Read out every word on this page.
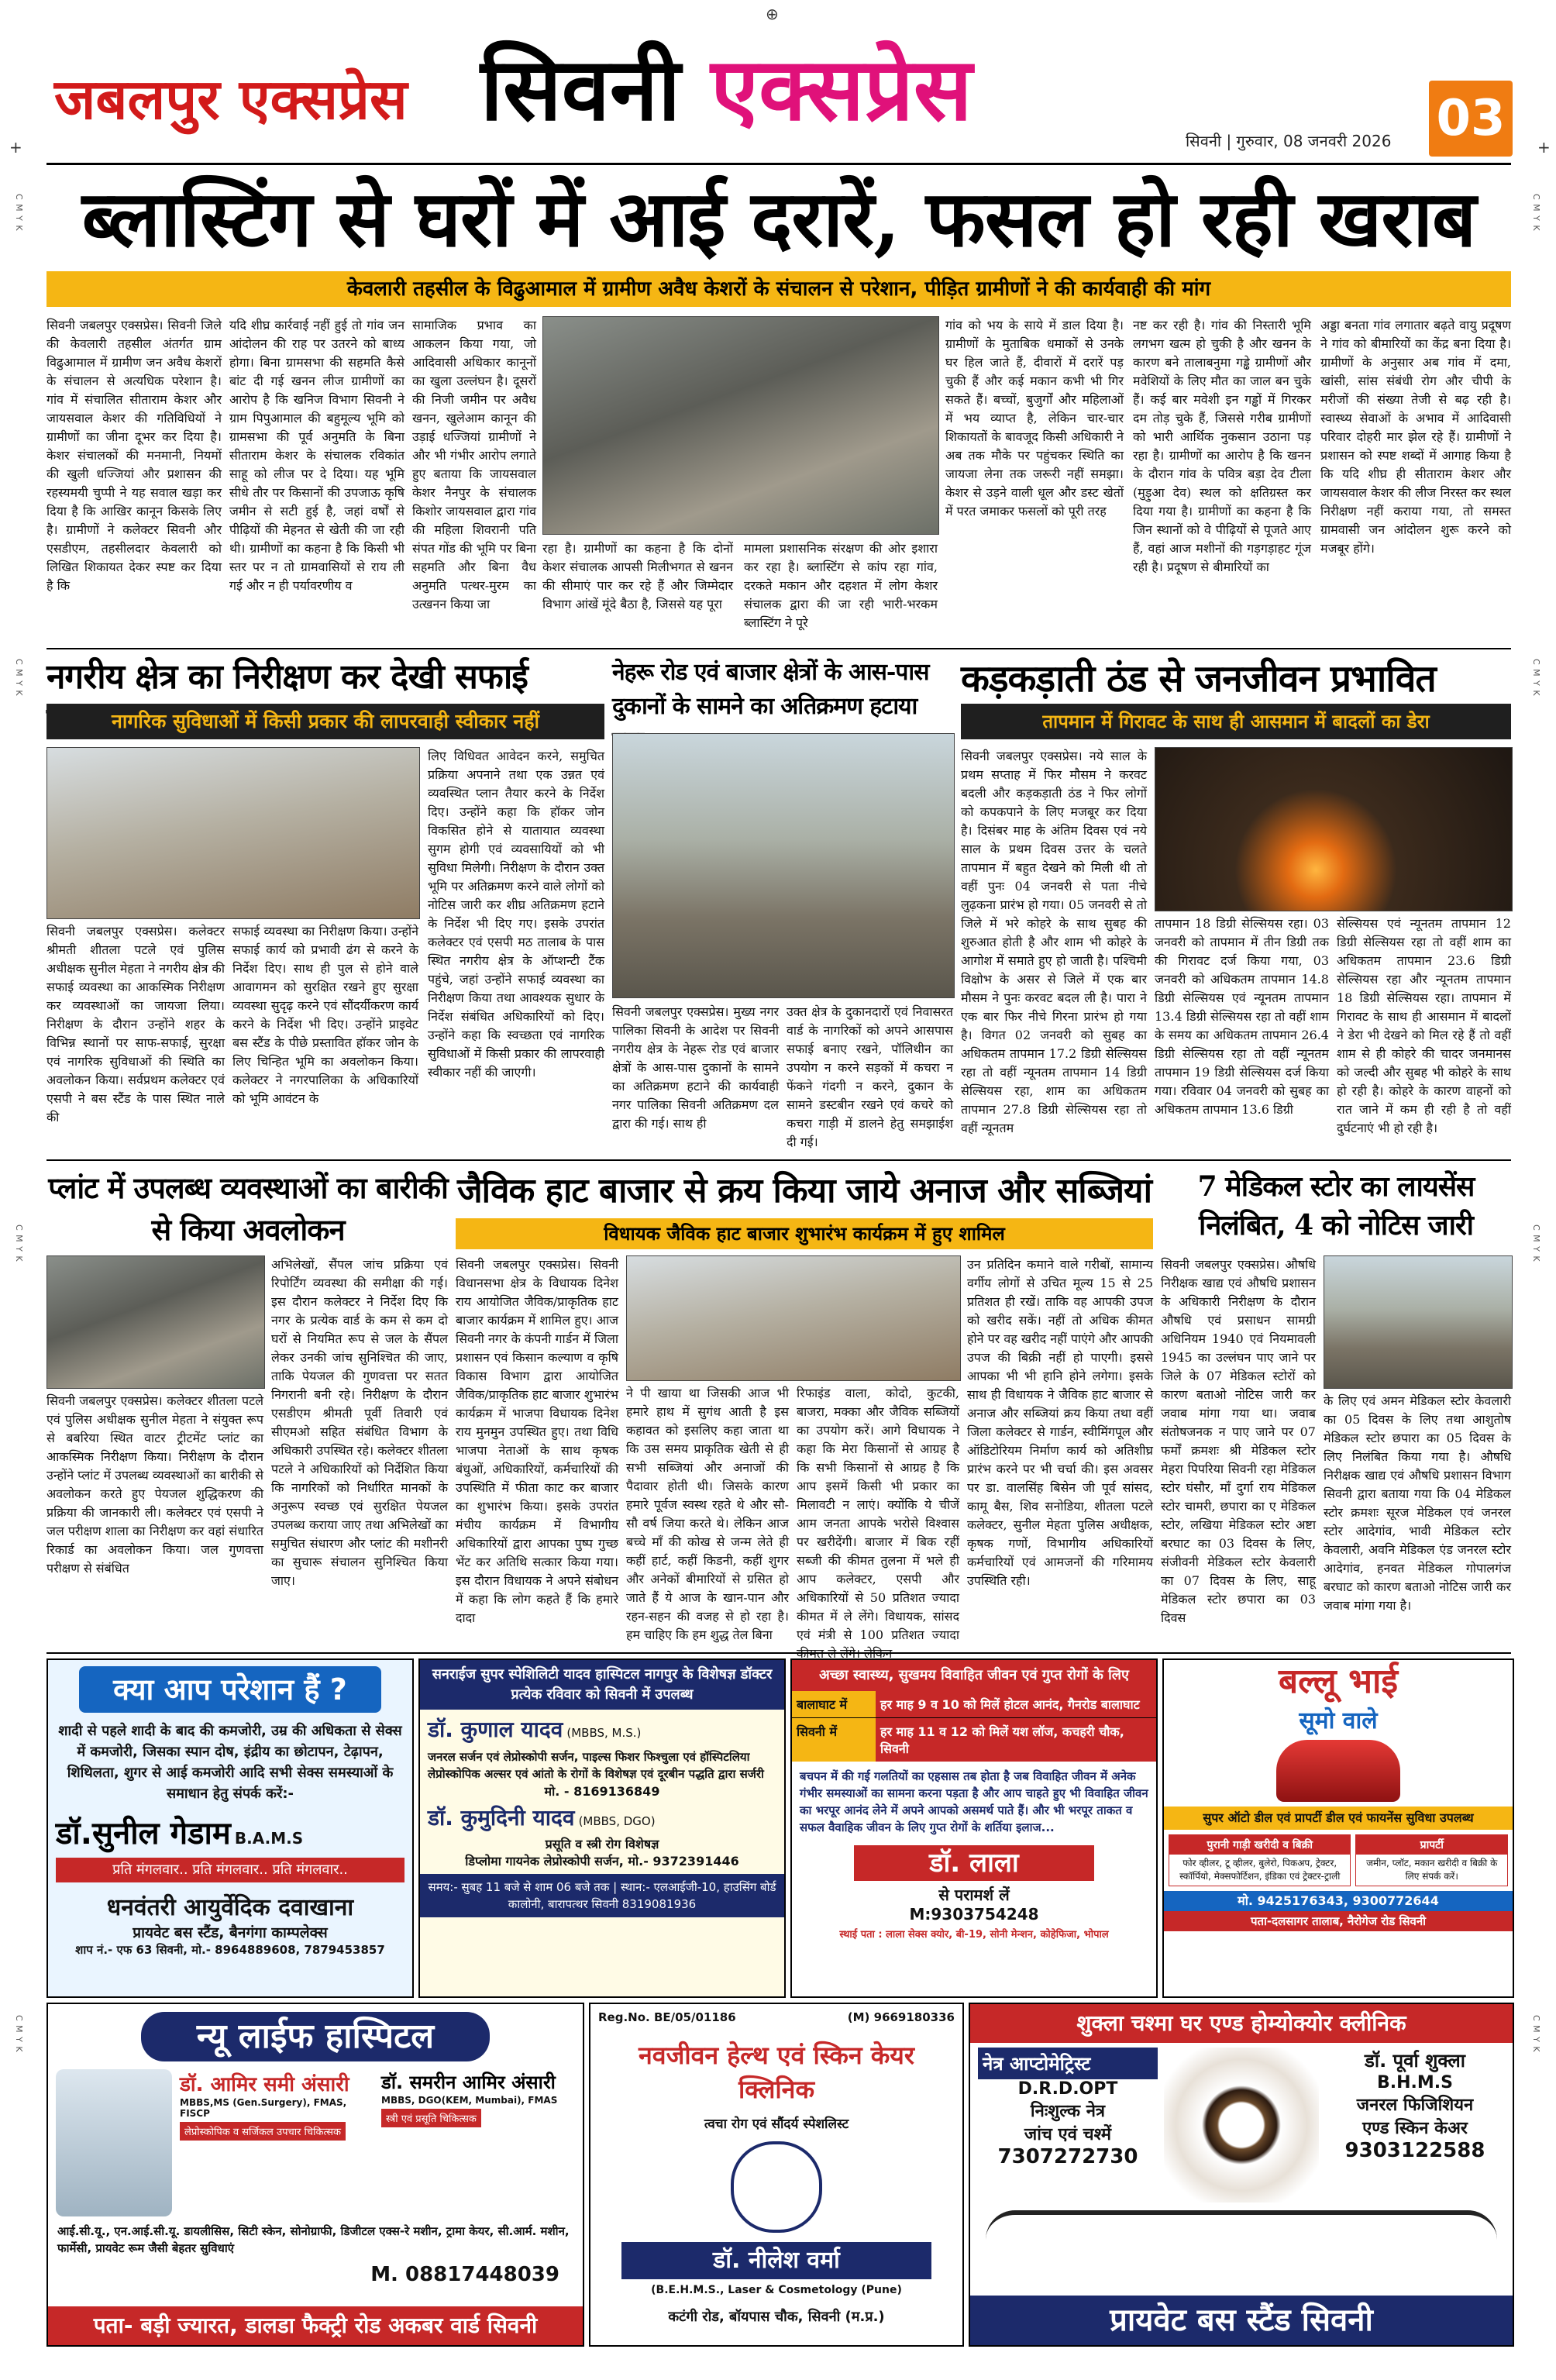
⊕
+	+
C M Y K	C M Y K
C M Y K	C M Y K
C M Y K	C M Y K
C M Y K	C M Y K
जबलपुर एक्सप्रेस सिवनी एक्सप्रेस
सिवनी | गुरुवार, 08 जनवरी 2026 03
ब्लास्टिंग से घरों में आई दरारें, फसल हो रही खराब
केवलारी तहसील के विढुआमाल में ग्रामीण अवैध केशरों के संचालन से परेशान, पीड़ित ग्रामीणों ने की कार्यवाही की मांग
सिवनी जबलपुर एक्सप्रेस। सिवनी जिले की केवलारी तहसील अंतर्गत ग्राम विढुआमाल में ग्रामीण जन अवैध केशरों के संचालन से अत्यधिक परेशान है। गांव में संचालित सीताराम केशर और जायसवाल केशर की गतिविधियों ने ग्रामीणों का जीना दूभर कर दिया है। केशर संचालकों की मनमानी, नियमों की खुली धज्जियां और प्रशासन की रहस्यमयी चुप्पी ने यह सवाल खड़ा कर दिया है कि आखिर कानून किसके लिए है। ग्रामीणों ने कलेक्टर सिवनी और एसडीएम, तहसीलदार केवलारी को लिखित शिकायत देकर स्पष्ट कर दिया है कि
यदि शीघ्र कार्रवाई नहीं हुई तो गांव जन आंदोलन की राह पर उतरने को बाध्य होगा। बिना ग्रामसभा की सहमति कैसे बांट दी गई खनन लीज ग्रामीणों का आरोप है कि खनिज विभाग सिवनी ने ग्राम पिपुआमाल की बहुमूल्य भूमि को ग्रामसभा की पूर्व अनुमति के बिना सीताराम केशर के संचालक रविकांत साहू को लीज पर दे दिया। यह भूमि सीधे तौर पर किसानों की उपजाऊ कृषि जमीन से सटी हुई है, जहां वर्षों से पीढ़ियों की मेहनत से खेती की जा रही थी। ग्रामीणों का कहना है कि किसी भी स्तर पर न तो ग्रामवासियों से राय ली गई और न ही पर्यावरणीय व
सामाजिक प्रभाव का आकलन किया गया, जो आदिवासी अधिकार कानूनों का खुला उल्लंघन है। दूसरों की निजी जमीन पर अवैध खनन, खुलेआम कानून की उड़ाई धज्जियां ग्रामीणों ने और भी गंभीर आरोप लगाते हुए बताया कि जायसवाल केशर नैनपुर के संचालक किशोर जायसवाल द्वारा गांव की महिला शिवरानी पति संपत गोंड की भूमि पर बिना सहमति और बिना वैध अनुमति पत्थर-मुरम का उत्खनन किया जा
रहा है। ग्रामीणों का कहना है कि दोनों केशर संचालक आपसी मिलीभगत से खनन की सीमाएं पार कर रहे हैं और जिम्मेदार विभाग आंखें मूंदे बैठा है, जिससे यह पूरा
मामला प्रशासनिक संरक्षण की ओर इशारा कर रहा है। ब्लास्टिंग से कांप रहा गांव, दरकते मकान और दहशत में लोग केशर संचालक द्वारा की जा रही भारी-भरकम ब्लास्टिंग ने पूरे
गांव को भय के साये में डाल दिया है। ग्रामीणों के मुताबिक धमाकों से उनके घर हिल जाते हैं, दीवारों में दरारें पड़ चुकी हैं और कई मकान कभी भी गिर सकते हैं। बच्चों, बुजुर्गों और महिलाओं में भय व्याप्त है, लेकिन चार-चार शिकायतों के बावजूद किसी अधिकारी ने अब तक मौके पर पहुंचकर स्थिति का जायजा लेना तक जरूरी नहीं समझा। केशर से उड़ने वाली धूल और डस्ट खेतों में परत जमाकर फसलों को पूरी तरह
नष्ट कर रही है। गांव की निस्तारी भूमि लगभग खत्म हो चुकी है और खनन के कारण बने तालाबनुमा गड्ढे ग्रामीणों और मवेशियों के लिए मौत का जाल बन चुके हैं। कई बार मवेशी इन गड्ढों में गिरकर दम तोड़ चुके हैं, जिससे गरीब ग्रामीणों को भारी आर्थिक नुकसान उठाना पड़ रहा है। ग्रामीणों का आरोप है कि खनन के दौरान गांव के पवित्र बड़ा देव टीला (मुड़ुआ देव) स्थल को क्षतिग्रस्त कर दिया गया है। ग्रामीणों का कहना है कि जिन स्थानों को वे पीढ़ियों से पूजते आए हैं, वहां आज मशीनों की गड़गड़ाहट गूंज रही है। प्रदूषण से बीमारियों का
अड्डा बनता गांव लगातार बढ़ते वायु प्रदूषण ने गांव को बीमारियों का केंद्र बना दिया है। ग्रामीणों के अनुसार अब गांव में दमा, खांसी, सांस संबंधी रोग और चीपी के मरीजों की संख्या तेजी से बढ़ रही है। स्वास्थ्य सेवाओं के अभाव में आदिवासी परिवार दोहरी मार झेल रहे हैं। ग्रामीणों ने प्रशासन को स्पष्ट शब्दों में आगाह किया है कि यदि शीघ्र ही सीताराम केशर और जायसवाल केशर की लीज निरस्त कर स्थल निरीक्षण नहीं कराया गया, तो समस्त ग्रामवासी जन आंदोलन शुरू करने को मजबूर होंगे।
नगरीय क्षेत्र का निरीक्षण कर देखी सफाई
नागरिक सुविधाओं में किसी प्रकार की लापरवाही स्वीकार नहीं
सिवनी जबलपुर एक्सप्रेस। कलेक्टर श्रीमती शीतला पटले एवं पुलिस अधीक्षक सुनील मेहता ने नगरीय क्षेत्र की सफाई व्यवस्था का आकस्मिक निरीक्षण कर व्यवस्थाओं का जायजा लिया। निरीक्षण के दौरान उन्होंने शहर के विभिन्न स्थानों पर साफ-सफाई, सुरक्षा एवं नागरिक सुविधाओं की स्थिति का अवलोकन किया। सर्वप्रथम कलेक्टर एवं एसपी ने बस स्टैंड के पास स्थित नाले की
सफाई व्यवस्था का निरीक्षण किया। उन्होंने सफाई कार्य को प्रभावी ढंग से करने के निर्देश दिए। साथ ही पुल से होने वाले आवागमन को सुरक्षित रखने हुए सुरक्षा व्यवस्था सुदृढ़ करने एवं सौंदर्यीकरण कार्य करने के निर्देश भी दिए। उन्होंने प्राइवेट बस स्टैंड के पीछे प्रस्तावित हॉकर जोन के लिए चिन्हित भूमि का अवलोकन किया। कलेक्टर ने नगरपालिका के अधिकारियों को भूमि आवंटन के
लिए विधिवत आवेदन करने, समुचित प्रक्रिया अपनाने तथा एक उन्नत एवं व्यवस्थित प्लान तैयार करने के निर्देश दिए। उन्होंने कहा कि हॉकर जोन विकसित होने से यातायात व्यवस्था सुगम होगी एवं व्यवसायियों को भी सुविधा मिलेगी। निरीक्षण के दौरान उक्त भूमि पर अतिक्रमण करने वाले लोगों को नोटिस जारी कर शीघ्र अतिक्रमण हटाने के निर्देश भी दिए गए। इसके उपरांत कलेक्टर एवं एसपी मठ तालाब के पास स्थित नगरीय क्षेत्र के ऑप्शन्टी टैंक पहुंचे, जहां उन्होंने सफाई व्यवस्था का निरीक्षण किया तथा आवश्यक सुधार के निर्देश संबंधित अधिकारियों को दिए। उन्होंने कहा कि स्वच्छता एवं नागरिक सुविधाओं में किसी प्रकार की लापरवाही स्वीकार नहीं की जाएगी।
नेहरू रोड एवं बाजार क्षेत्रों के आस-पास दुकानों के सामने का अतिक्रमण हटाया
सिवनी जबलपुर एक्सप्रेस। मुख्य नगर पालिका सिवनी के आदेश पर सिवनी नगरीय क्षेत्र के नेहरू रोड एवं बाजार क्षेत्रों के आस-पास दुकानों के सामने का अतिक्रमण हटाने की कार्यवाही नगर पालिका सिवनी अतिक्रमण दल द्वारा की गई। साथ ही
उक्त क्षेत्र के दुकानदारों एवं निवासरत वार्ड के नागरिकों को अपने आसपास सफाई बनाए रखने, पॉलिथीन का उपयोग न करने सड़कों में कचरा न फेंकने गंदगी न करने, दुकान के सामने डस्टबीन रखने एवं कचरे को कचरा गाड़ी में डालने हेतु समझाईश दी गई।
कड़कड़ाती ठंड से जनजीवन प्रभावित
तापमान में गिरावट के साथ ही आसमान में बादलों का डेरा
सिवनी जबलपुर एक्सप्रेस। नये साल के प्रथम सप्ताह में फिर मौसम ने करवट बदली और कड़कड़ाती ठंड ने फिर लोगों को कपकपाने के लिए मजबूर कर दिया है। दिसंबर माह के अंतिम दिवस एवं नये साल के प्रथम दिवस उत्तर के चलते तापमान में बहुत देखने को मिली थी तो वहीं पुनः 04 जनवरी से पता नीचे लुढ़कना प्रारंभ हो गया। 05 जनवरी से तो जिले में भरे कोहरे के साथ सुबह की शुरुआत होती है और शाम भी कोहरे के आगोश में समाते हुए हो जाती है। पश्चिमी विक्षोभ के असर से जिले में एक बार मौसम ने पुनः करवट बदल ली है। पारा ने एक बार फिर नीचे गिरना प्रारंभ हो गया है। विगत 02 जनवरी को सुबह का अधिकतम तापमान 17.2 डिग्री सेल्सियस रहा तो वहीं न्यूनतम तापमान 14 डिग्री सेल्सियस रहा, शाम का अधिकतम तापमान 27.8 डिग्री सेल्सियस रहा तो वहीं न्यूनतम
तापमान 18 डिग्री सेल्सियस रहा। 03 जनवरी को तापमान में तीन डिग्री तक की गिरावट दर्ज किया गया, 03 जनवरी को अधिकतम तापमान 14.8 डिग्री सेल्सियस एवं न्यूनतम तापमान 13.4 डिग्री सेल्सियस रहा तो वहीं शाम के समय का अधिकतम तापमान 26.4 डिग्री सेल्सियस रहा तो वहीं न्यूनतम तापमान 19 डिग्री सेल्सियस दर्ज किया गया। रविवार 04 जनवरी को सुबह का अधिकतम तापमान 13.6 डिग्री
सेल्सियस एवं न्यूनतम तापमान 12 डिग्री सेल्सियस रहा तो वहीं शाम का अधिकतम तापमान 23.6 डिग्री सेल्सियस रहा और न्यूनतम तापमान 18 डिग्री सेल्सियस रहा। तापमान में गिरावट के साथ ही आसमान में बादलों ने डेरा भी देखने को मिल रहे हैं तो वहीं शाम से ही कोहरे की चादर जनमानस को जल्दी और सुबह भी कोहरे के साथ हो रही है। कोहरे के कारण वाहनों को रात जाने में कम ही रही है तो वहीं दुर्घटनाएं भी हो रही है।
प्लांट में उपलब्ध व्यवस्थाओं का बारीकी से किया अवलोकन
सिवनी जबलपुर एक्सप्रेस। कलेक्टर शीतला पटले एवं पुलिस अधीक्षक सुनील मेहता ने संयुक्त रूप से बबरिया स्थित वाटर ट्रीटमेंट प्लांट का आकस्मिक निरीक्षण किया। निरीक्षण के दौरान उन्होंने प्लांट में उपलब्ध व्यवस्थाओं का बारीकी से अवलोकन करते हुए पेयजल शुद्धिकरण की प्रक्रिया की जानकारी ली। कलेक्टर एवं एसपी ने जल परीक्षण शाला का निरीक्षण कर वहां संधारित रिकार्ड का अवलोकन किया। जल गुणवत्ता परीक्षण से संबंधित
अभिलेखों, सैंपल जांच प्रक्रिया एवं रिपोर्टिंग व्यवस्था की समीक्षा की गई। इस दौरान कलेक्टर ने निर्देश दिए कि नगर के प्रत्येक वार्ड के कम से कम दो घरों से नियमित रूप से जल के सैंपल लेकर उनकी जांच सुनिश्चित की जाए, ताकि पेयजल की गुणवत्ता पर सतत निगरानी बनी रहे। निरीक्षण के दौरान एसडीएम श्रीमती पूर्वी तिवारी एवं सीएमओ सहित संबंधित विभाग के अधिकारी उपस्थित रहे। कलेक्टर शीतला पटले ने अधिकारियों को निर्देशित किया कि नागरिकों को निर्धारित मानकों के अनुरूप स्वच्छ एवं सुरक्षित पेयजल उपलब्ध कराया जाए तथा अभिलेखों का समुचित संधारण और प्लांट की मशीनरी का सुचारू संचालन सुनिश्चित किया जाए।
जैविक हाट बाजार से क्रय किया जाये अनाज और सब्जियां
विधायक जैविक हाट बाजार शुभारंभ कार्यक्रम में हुए शामिल
सिवनी जबलपुर एक्सप्रेस। सिवनी विधानसभा क्षेत्र के विधायक दिनेश राय आयोजित जैविक/प्राकृतिक हाट बाजार कार्यक्रम में शामिल हुए। आज सिवनी नगर के कंपनी गार्डन में जिला प्रशासन एवं किसान कल्याण व कृषि विकास विभाग द्वारा आयोजित जैविक/प्राकृतिक हाट बाजार शुभारंभ कार्यक्रम में भाजपा विधायक दिनेश राय मुनमुन उपस्थित हुए। तथा विधि भाजपा नेताओं के साथ कृषक बंधुओं, अधिकारियों, कर्मचारियों की उपस्थिति में फीता काट कर बाजार का शुभारंभ किया। इसके उपरांत मंचीय कार्यक्रम में विभागीय अधिकारियों द्वारा आपका पुष्प गुच्छ भेंट कर अतिथि सत्कार किया गया। इस दौरान विधायक ने अपने संबोधन में कहा कि लोग कहते हैं कि हमारे दादा
ने पी खाया था जिसकी आज भी हमारे हाथ में सुगंध आती है इस कहावत को इसलिए कहा जाता था कि उस समय प्राकृतिक खेती से ही सभी सब्जियां और अनाजों की पैदावार होती थी। जिसके कारण हमारे पूर्वज स्वस्थ रहते थे और सौ-सौ वर्ष जिया करते थे। लेकिन आज बच्चे माँ की कोख से जन्म लेते ही कहीं हार्ट, कहीं किडनी, कहीं शुगर और अनेकों बीमारियों से ग्रसित हो जाते हैं ये आज के खान-पान और रहन-सहन की वजह से हो रहा है। हम चाहिए कि हम शुद्ध तेल बिना
रिफाइंड वाला, कोदो, कुटकी, बाजरा, मक्का और जैविक सब्जियों का उपयोग करें। आगे विधायक ने कहा कि मेरा किसानों से आग्रह है कि सभी किसानों से आग्रह है कि आप इसमें किसी भी प्रकार का मिलावटी न लाएं। क्योंकि ये चीजें आम जनता आपके भरोसे विश्वास पर खरीदेंगी। बाजार में बिक रहीं सब्जी की कीमत तुलना में भले ही आप कलेक्टर, एसपी और अधिकारियों से 50 प्रतिशत ज्यादा कीमत में ले लेंगे। विधायक, सांसद एवं मंत्री से 100 प्रतिशत ज्यादा
उन प्रतिदिन कमाने वाले गरीबों, सामान्य वर्गीय लोगों से उचित मूल्य 15 से 25 प्रतिशत ही रखें। ताकि वह आपकी उपज को खरीद सकें। नहीं तो अधिक कीमत होने पर वह खरीद नहीं पाएंगे और आपकी उपज की बिक्री नहीं हो पाएगी। इससे आपका भी भी हानि होने लगेगा। इसके साथ ही विधायक ने जैविक हाट बाजार से अनाज और सब्जियां क्रय किया तथा वहीं जिला कलेक्टर से गार्डन, स्वीमिंगपूल और ऑडिटोरियम निर्माण कार्य को अतिशीघ्र प्रारंभ करने पर भी चर्चा की। इस अवसर पर डा. वालसिंह बिसेन जी पूर्व सांसद, कामू बैस, शिव सनोडिया, शीतला पटले कलेक्टर, सुनील मेहता पुलिस अधीक्षक, कृषक गणों, विभागीय अधिकारियों कर्मचारियों एवं आमजनों की गरिमामय उपस्थिति रही।
7 मेडिकल स्टोर का लायसेंस निलंबित, 4 को नोटिस जारी
सिवनी जबलपुर एक्सप्रेस। औषधि निरीक्षक खाद्य एवं औषधि प्रशासन के अधिकारी निरीक्षण के दौरान औषधि एवं प्रसाधन सामग्री अधिनियम 1940 एवं नियमावली 1945 का उल्लंघन पाए जाने पर जिले के 07 मेडिकल स्टोरों को कारण बताओ नोटिस जारी कर जवाब मांगा गया था। जवाब संतोषजनक न पाए जाने पर 07 फर्मों क्रमशः श्री मेडिकल स्टोर मेहरा पिपरिया सिवनी रहा मेडिकल स्टोर घंसौर, माँ दुर्गा राय मेडिकल स्टोर चामरी, छपारा का ए मेडिकल स्टोर, लखिया मेडिकल स्टोर अष्टा बरघाट का 03 दिवस के लिए, संजीवनी मेडिकल स्टोर केवलारी का 07 दिवस के लिए, साहू मेडिकल स्टोर छपारा का 03 दिवस
के लिए एवं अमन मेडिकल स्टोर केवलारी का 05 दिवस के लिए तथा आशुतोष मेडिकल स्टोर छपारा का 05 दिवस के लिए निलंबित किया गया है। औषधि निरीक्षक खाद्य एवं औषधि प्रशासन विभाग सिवनी द्वारा बताया गया कि 04 मेडिकल स्टोर क्रमशः सूरज मेडिकल एवं जनरल स्टोर आदेगांव, भावी मेडिकल स्टोर केवलारी, अवनि मेडिकल एंड जनरल स्टोर आदेगांव, हनवत मेडिकल गोपालगंज बरघाट को कारण बताओ नोटिस जारी कर जवाब मांगा गया है।
क्या आप परेशान हैं ?
शादी से पहले शादी के बाद की कमजोरी, उम्र की अधिकता से सेक्स में कमजोरी, जिसका स्पान दोष, इंद्रीय का छोटापन, टेढ़ापन, शिथिलता, शुगर से आई कमजोरी आदि सभी सेक्स समस्याओं के समाधान हेतु संपर्क करें:-
डॉ.सुनील गेडाम B.A.M.S
प्रति मंगलवार.. प्रति मंगलवार.. प्रति मंगलवार..
धनवंतरी आयुर्वेदिक दवाखाना
प्रायवेट बस स्टैंड, बैनगंगा काम्पलेक्स
शाप नं.- एफ 63 सिवनी, मो.- 8964889608, 7879453857
सनराईज सुपर स्पेशिलिटी यादव हास्पिटल नागपुर के विशेषज्ञ डॉक्टर प्रत्येक रविवार को सिवनी में उपलब्ध
डॉ. कुणाल यादव (MBBS, M.S.)
जनरल सर्जन एवं लेप्रोस्कोपी सर्जन, पाइल्स फिशर फिश्चुला एवं हॉस्पिटलिया लेप्रोस्कोपिक अल्सर एवं आंतो के रोगों के विशेषज्ञ एवं दूरबीन पद्धति द्वारा सर्जरी
मो. - 8169136849
डॉ. कुमुदिनी यादव (MBBS, DGO)
प्रसूति व स्त्री रोग विशेषज्ञ
डिप्लोमा गायनेक लेप्रोस्कोपी सर्जन, मो.- 9372391446
समय:- सुबह 11 बजे से शाम 06 बजे तक | स्थान:- एलआईजी-10, हाउसिंग बोर्ड कालोनी, बारापत्थर सिवनी 8319081936
अच्छा स्वास्थ्य, सुखमय विवाहित जीवन एवं गुप्त रोगों के लिए
बालाघाट में	हर माह 9 व 10 को मिलें होटल आनंद, गैनरोड बालाघाट
सिवनी में	हर माह 11 व 12 को मिलें यश लॉज, कचहरी चौक, सिवनी
बचपन में की गई गलतियों का एहसास तब होता है जब विवाहित जीवन में अनेक गंभीर समस्याओं का सामना करना पड़ता है और आप चाहते हुए भी विवाहित जीवन का भरपूर आनंद लेने में अपने आपको असमर्थ पाते हैं। और भी भरपूर ताकत व सफल वैवाहिक जीवन के लिए गुप्त रोगों के शर्तिया इलाज...
डॉ. लाला
से परामर्श लें
M:9303754248
स्थाई पता : लाला सेक्स क्योर, बी-19, सोनी मेन्शन, कोहेफिजा, भोपाल
बल्लू भाई
सूमो वाले
सुपर ऑटो डील एवं प्रापर्टी डील एवं फायनेंस सुविधा उपलब्ध
पुरानी गाड़ी खरीदी व बिक्री
फोर व्हीलर, टू व्हीलर, बुलेरो, पिकअप, ट्रेक्टर, स्कॉर्पियो, मेक्सफोर्टिशन, इंडिका एवं ट्रेक्टर-ट्राली
प्रापर्टी
जमीन, प्लॉट, मकान खरीदी व बिक्री के लिए संपर्क करें।
मो. 9425176343, 9300772644
पता-दलसागर तालाब, नैरोगेज रोड सिवनी
न्यू लाईफ हास्पिटल
डॉ. आमिर समी अंसारी
MBBS,MS (Gen.Surgery), FMAS, FISCP
लेप्रोस्कोपिक व सर्जिकल उपचार चिकित्सक
डॉ. समरीन आमिर अंसारी
MBBS, DGO(KEM, Mumbai), FMAS
स्त्री एवं प्रसूति चिकित्सक
आई.सी.यू., एन.आई.सी.यू. डायलीसिस, सिटी स्केन, सोनोग्राफी, डिजीटल एक्स-रे मशीन, ट्रामा केयर, सी.आर्म. मशीन, फार्मेसी, प्रायवेट रूम जैसी बेहतर सुविधाएं
M. 08817448039
पता- बड़ी ज्यारत, डालडा फैक्ट्री रोड अकबर वार्ड सिवनी
Reg.No. BE/05/01186	(M) 9669180336
नवजीवन हेल्थ एवं स्किन केयर क्लिनिक
त्वचा रोग एवं सौंदर्य स्पेशलिस्ट
डॉ. नीलेश वर्मा
(B.E.H.M.S., Laser & Cosmetology (Pune)
कटंगी रोड, बॉयपास चौक, सिवनी (म.प्र.)
शुक्ला चश्मा घर एण्ड होम्योक्योर क्लीनिक
नेत्र आप्टोमेट्रिस्ट
D.R.D.OPT
निःशुल्क नेत्र
जांच एवं चश्में
7307272730
डॉ. पूर्वा शुक्ला
B.H.M.S
जनरल फिजिशियन
एण्ड स्किन केअर
9303122588
प्रायवेट बस स्टैंड सिवनी
